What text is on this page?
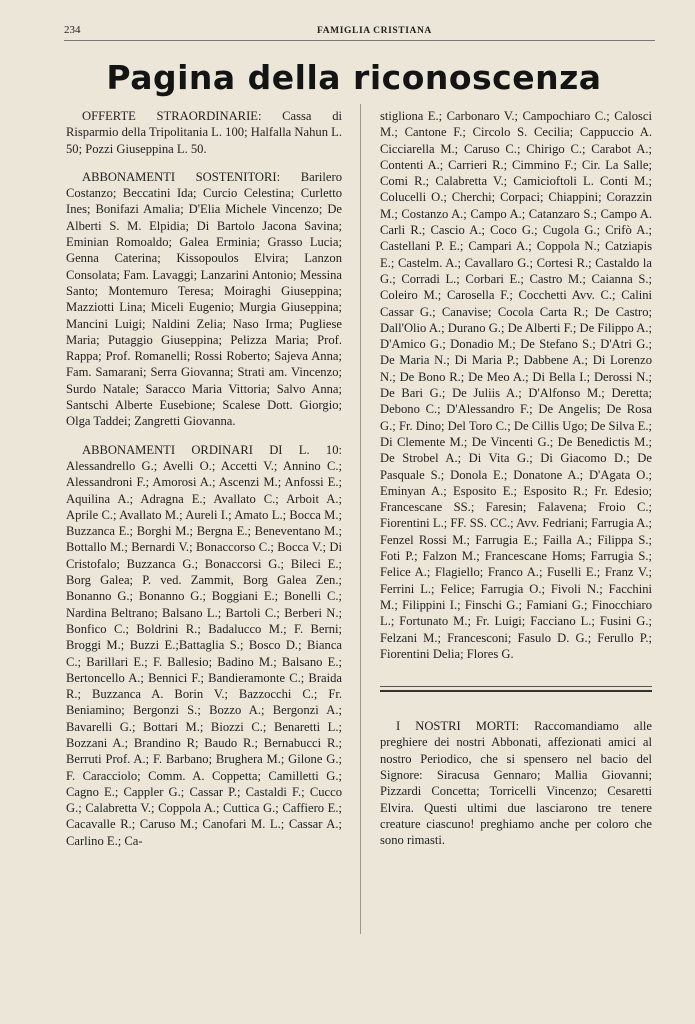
234	FAMIGLIA CRISTIANA
Pagina della riconoscenza

OFFERTE STRAORDINARIE: Cassa di Risparmio della Tripolitania L. 100; Halfalla Nahun L. 50; Pozzi Giuseppina L. 50.

ABBONAMENTI SOSTENITORI: Barilero Costanzo; Beccatini Ida; Curcio Celestina; Curletto Ines; Bonifazi Amalia; D'Elia Michele Vincenzo; De Alberti S. M. Elpidia; Di Bartolo Jacona Savina; Eminian Romoaldo; Galea Erminia; Grasso Lucia; Genna Caterina; Kissopoulos Elvira; Lanzon Consolata; Fam. Lavaggi; Lanzarini Antonio; Messina Santo; Montemuro Teresa; Moiraghi Giuseppina; Mazziotti Lina; Miceli Eugenio; Murgia Giuseppina; Mancini Luigi; Naldini Zelia; Naso Irma; Pugliese Maria; Putaggio Giuseppina; Pelizza Maria; Prof. Rappa; Prof. Romanelli; Rossi Roberto; Sajeva Anna; Fam. Samarani; Serra Giovanna; Strati am. Vincenzo; Surdo Natale; Saracco Maria Vittoria; Salvo Anna; Santschi Alberte Eusebione; Scalese Dott. Giorgio; Olga Taddei; Zangretti Giovanna.

ABBONAMENTI ORDINARI DI L. 10: Alessandrello G.; Avelli O.; Accetti V.; Annino C.; Alessandroni F.; Amorosi A.; Ascenzi M.; Anfossi E.; Aquilina A.; Adragna E.; Avallato C.; Arboit A.; Aprile C.; Avallato M.; Aureli I.; Amato L.; Bocca M.; Buzzanca E.; Borghi M.; Bergna E.; Beneventano M.; Bottallo M.; Bernardi V.; Bonaccorso C.; Bocca V.; Di Cristofalo; Buzzanca G.; Bonaccorsi G.; Bileci E.; Borg Galea; P. ved. Zammit, Borg Galea Zen.; Bonanno G.; Bonanno G.; Boggiani E.; Bonelli C.; Nardina Beltrano; Balsano L.; Bartoli C.; Berberi N.; Bonfico C.; Boldrini R.; Badalucco M.; F. Berni; Broggi M.; Buzzi E.;Battaglia S.; Bosco D.; Bianca C.; Barillari E.; F. Ballesio; Badino M.; Balsano E.; Bertoncello A.; Bennici F.; Bandieramonte C.; Braida R.; Buzzanca A. Borin V.; Bazzocchi C.; Fr. Beniamino; Bergonzi S.; Bozzo A.; Bergonzi A.; Bavarelli G.; Bottari M.; Biozzi C.; Benaretti L.; Bozzani A.; Brandino R; Baudo R.; Bernabucci R.; Berruti Prof. A.; F. Barbano; Brughera M.; Gilone G.; F. Caracciolo; Comm. A. Coppetta; Camilletti G.; Cagno E.; Cappler G.; Cassar P.; Castaldi F.; Cucco G.; Calabretta V.; Coppola A.; Cuttica G.; Caffiero E.; Cacavalle R.; Caruso M.; Canofari M. L.; Cassar A.; Carlino E.; Ca-

stigliona E.; Carbonaro V.; Campochiaro C.; Calosci M.; Cantone F.; Circolo S. Cecilia; Cappuccio A. Cicciarella M.; Caruso C.; Chirigo C.; Carabot A.; Contenti A.; Carrieri R.; Cimmino F.; Cir. La Salle; Comi R.; Calabretta V.; Camicioftoli L. Conti M.; Colucelli O.; Cherchi; Corpaci; Chiappini; Corazzin M.; Costanzo A.; Campo A.; Catanzaro S.; Campo A. Carli R.; Cascio A.; Coco G.; Cugola G.; Crifò A.; Castellani P. E.; Campari A.; Coppola N.; Catziapis E.; Castelm. A.; Cavallaro G.; Cortesi R.; Castaldo la G.; Corradi L.; Corbari E.; Castro M.; Caianna S.; Coleiro M.; Carosella F.; Cocchetti Avv. C.; Calini Cassar G.; Canavise; Cocola Carta R.; De Castro; Dall'Olio A.; Durano G.; De Alberti F.; De Filippo A.; D'Amico G.; Donadio M.; De Stefano S.; D'Atri G.; De Maria N.; Di Maria P.; Dabbene A.; Di Lorenzo N.; De Bono R.; De Meo A.; Di Bella I.; Derossi N.; De Bari G.; De Juliis A.; D'Alfonso M.; Deretta; Debono C.; D'Alessandro F.; De Angelis; De Rosa G.; Fr. Dino; Del Toro C.; De Cillis Ugo; De Silva E.; Di Clemente M.; De Vincenti G.; De Benedictis M.; De Strobel A.; Di Vita G.; Di Giacomo D.; De Pasquale S.; Donola E.; Donatone A.; D'Agata O.; Eminyan A.; Esposito E.; Esposito R.; Fr. Edesio; Francescane SS.; Faresin; Falavena; Froio C.; Fiorentini L.; FF. SS. CC.; Avv. Fedriani; Farrugia A.; Fenzel Rossi M.; Farrugia E.; Failla A.; Filippa S.; Foti P.; Falzon M.; Francescane Homs; Farrugia S.; Felice A.; Flagiello; Franco A.; Fuselli E.; Franz V.; Ferrini L.; Felice; Farrugia O.; Fivoli N.; Facchini M.; Filippini I.; Finschi G.; Famiani G.; Finocchiaro L.; Fortunato M.; Fr. Luigi; Facciano L.; Fusini G.; Felzani M.; Francesconi; Fasulo D. G.; Ferullo P.; Fiorentini Delia; Flores G.

I NOSTRI MORTI: Raccomandiamo alle preghiere dei nostri Abbonati, affezionati amici al nostro Periodico, che si spensero nel bacio del Signore: Siracusa Gennaro; Mallia Giovanni; Pizzardi Concetta; Torricelli Vincenzo; Cesaretti Elvira. Questi ultimi due lasciarono tre tenere creature ciascuno! preghiamo anche per coloro che sono rimasti.
